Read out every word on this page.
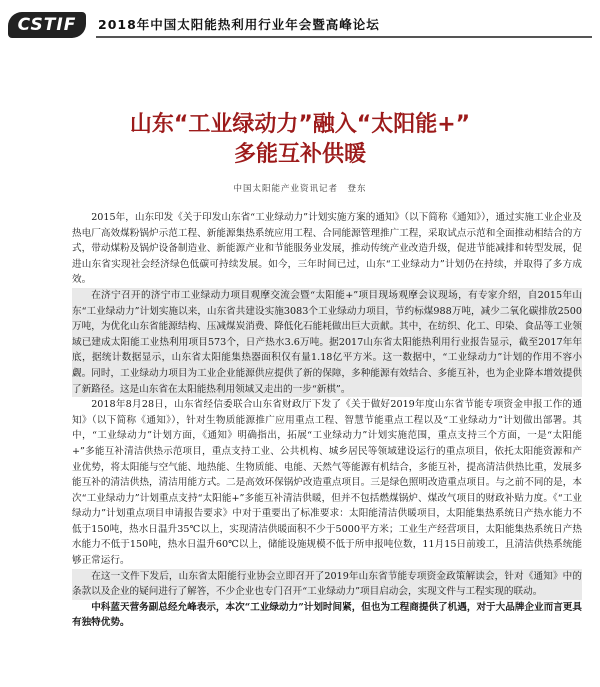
CSTIF 2018年中国太阳能热利用行业年会暨高峰论坛
山东“工业绿动力”融入“太阳能+”
多能互补供暖
中国太阳能产业资讯记者　登东

2015年，山东印发《关于印发山东省“工业绿动力”计划实施方案的通知》（以下简称《通知》），通过实施工业企业及热电厂高效煤粉锅炉示范工程、新能源集热系统应用工程、合同能源管理推广工程，采取试点示范和全面推动相结合的方式，带动煤粉及锅炉设备制造业、新能源产业和节能服务业发展，推动传统产业改造升级，促进节能减排和转型发展，促进山东省实现社会经济绿色低碳可持续发展。如今，三年时间已过，山东“工业绿动力”计划仍在持续，并取得了多方成效。

在济宁召开的济宁市工业绿动力项目观摩交流会暨“太阳能+”项目现场观摩会议现场，有专家介绍，自2015年山东“工业绿动力”计划实施以来，山东省共建设实施3083个工业绿动力项目，节约标煤988万吨，减少二氧化碳排放2500万吨，为优化山东省能源结构、压减煤炭消费、降低化石能耗做出巨大贡献。其中，在纺织、化工、印染、食品等工业领域已建成太阳能工业热利用项目573个，日产热水3.6万吨。据2017山东省太阳能热利用行业报告显示，截至2017年年底，据统计数据显示，山东省太阳能集热器面积仅有量1.18亿平方米。这一数据中，“工业绿动力”计划的作用不容小觑。同时，工业绿动力项目为工业企业能源供应提供了新的保障，多种能源有效结合、多能互补，也为企业降本增效提供了新路径。这是山东省在太阳能热利用领域又走出的一步“新棋”。

2018年8月28日，山东省经信委联合山东省财政厅下发了《关于做好2019年度山东省节能专项资金申报工作的通知》（以下简称《通知》），针对生物质能源推广应用重点工程、智慧节能重点工程以及“工业绿动力”计划做出部署。其中，“工业绿动力”计划方面，《通知》明确指出，拓展“工业绿动力”计划实施范围，重点支持三个方面，一是“太阳能+”多能互补清洁供热示范项目，重点支持工业、公共机构、城乡居民等领域建设运行的重点项目，依托太阳能资源和产业优势，将太阳能与空气能、地热能、生物质能、电能、天然气等能源有机结合，多能互补，提高清洁供热比重，发展多能互补的清洁供热，清洁用能方式。二是高效环保锅炉改造重点项目。三是绿色照明改造重点项目。与之前不同的是，本次“工业绿动力”计划重点支持“太阳能+”多能互补清洁供暖，但并不包括燃煤锅炉、煤改气项目的财政补贴力度。《“工业绿动力”计划重点项目申请报告要求》中对于重要出了标准要求：太阳能清洁供暖项目，太阳能集热系统日产热水能力不低于150吨，热水日温升35℃以上，实现清洁供暖面积不少于5000平方米；工业生产经营项目，太阳能集热系统日产热水能力不低于150吨，热水日温升60℃以上，储能设施规模不低于所申报吨位数，11月15日前竣工，且清洁供热系统能够正常运行。

在这一文件下发后，山东省太阳能行业协会立即召开了2019年山东省节能专项资金政策解读会，针对《通知》中的条款以及企业的疑问进行了解答，不少企业也专门召开“工业绿动力”项目启动会，实现文件与工程实现的联动。

中科蓝天营务副总经允峰表示，本次“工业绿动力”计划时间紧，但也为工程商提供了机遇，对于大品牌企业而言更具有独特优势。
